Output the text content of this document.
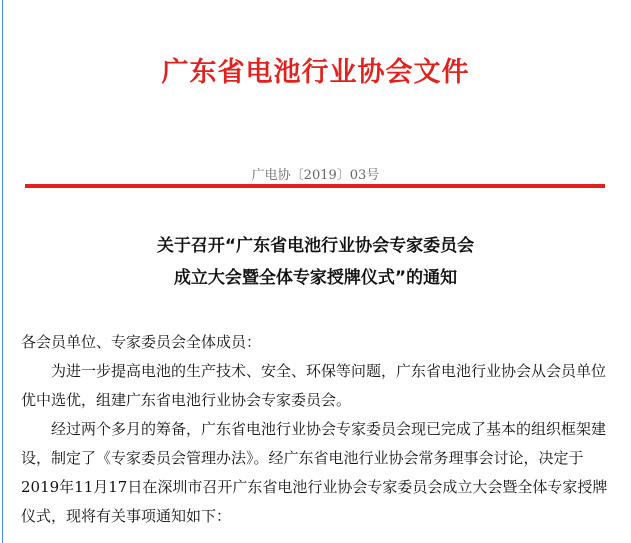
广东省电池行业协会文件
广电协〔2019〕03号
关于召开“广东省电池行业协会专家委员会
成立大会暨全体专家授牌仪式”的通知

各会员单位、专家委员会全体成员：

为进一步提高电池的生产技术、安全、环保等问题，广东省电池行业协会从会员单位优中选优，组建广东省电池行业协会专家委员会。

经过两个多月的筹备，广东省电池行业协会专家委员会现已完成了基本的组织框架建设，制定了《专家委员会管理办法》。经广东省电池行业协会常务理事会讨论，决定于2019年11月17日在深圳市召开广东省电池行业协会专家委员会成立大会暨全体专家授牌仪式，现将有关事项通知如下：
